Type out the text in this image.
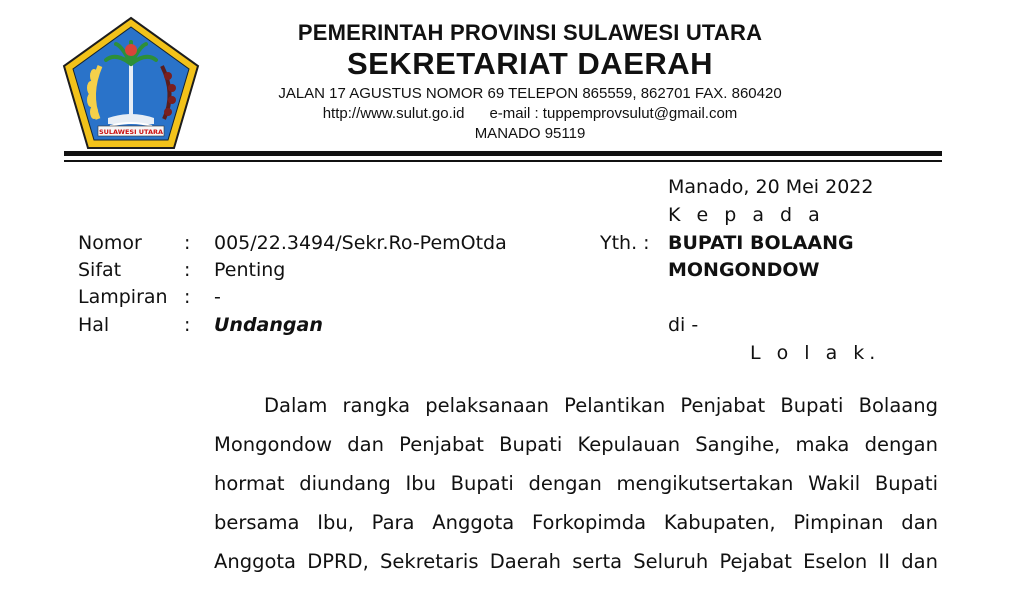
SULAWESI UTARA
PEMERINTAH PROVINSI SULAWESI UTARA
SEKRETARIAT DAERAH
JALAN 17 AGUSTUS NOMOR 69 TELEPON 865559, 862701 FAX. 860420
http://www.sulut.go.id      e-mail : tuppemprovsulut@gmail.com
MANADO 95119
Manado, 20 Mei 2022
K e p a d a
Yth. : BUPATI BOLAANG
MONGONDOW
di -
L o l a k.
Nomor : 005/22.3494/Sekr.Ro-PemOtda
Sifat	: Penting
Lampiran : -
Hal	: Undangan
Dalam rangka pelaksanaan Pelantikan Penjabat Bupati Bolaang
Mongondow dan Penjabat Bupati Kepulauan Sangihe, maka dengan
hormat diundang Ibu Bupati dengan mengikutsertakan Wakil Bupati
bersama Ibu, Para Anggota Forkopimda Kabupaten, Pimpinan dan
Anggota DPRD, Sekretaris Daerah serta Seluruh Pejabat Eselon II dan
